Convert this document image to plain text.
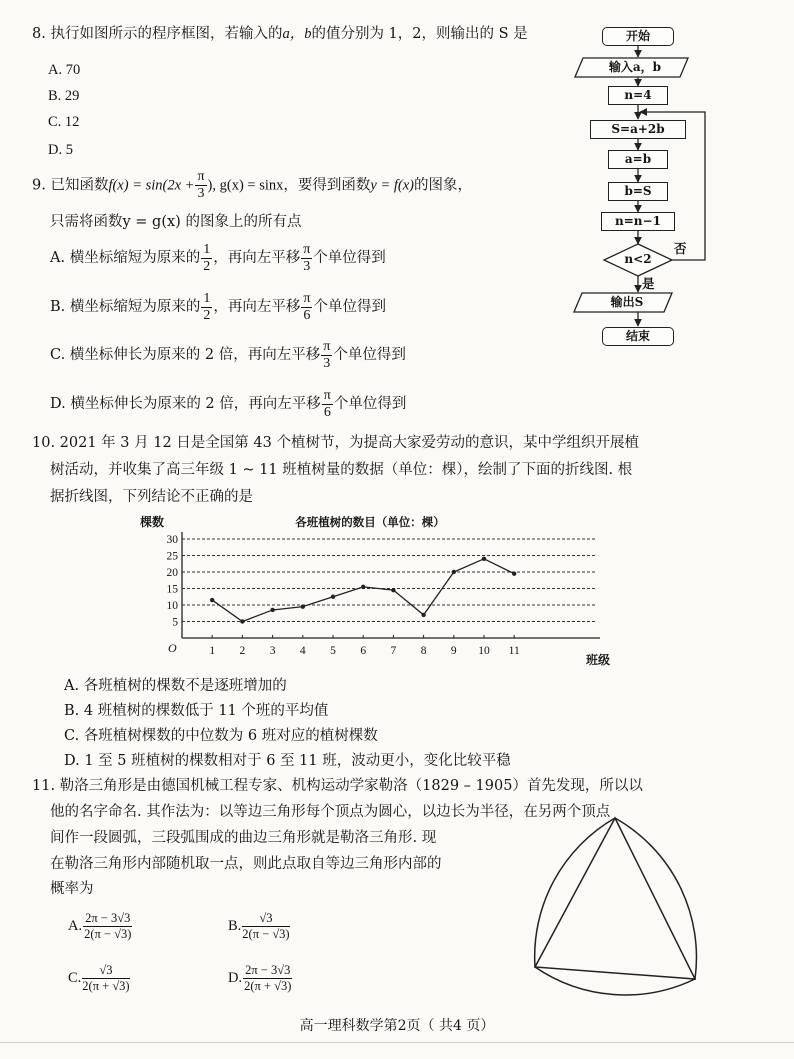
8. 执行如图所示的程序框图，若输入的a，b的值分别为 1，2，则输出的 S 是
A. 70
B. 29
C. 12
D. 5
开始
输入a，b
n=4
S=a+2b
a=b
b=S
n=n−1
n<2
否
是
输出S
结束
9. 已知函数$f(x) = \sin(2x + \frac{\pi}{3}$ ), g(x) = sinx，要得到函数y = f(x)的图象，
只需将函数y = g(x) 的图象上的所有点
A. 横坐标缩短为原来的 $\frac{1}{2}$ ，再向左平移 $\frac{\pi}{3}$ 个单位得到
B. 横坐标缩短为原来的 $\frac{1}{2}$ ，再向左平移 $\frac{\pi}{6}$ 个单位得到
C. 横坐标伸长为原来的 2 倍，再向左平移 $\frac{\pi}{3}$ 个单位得到
D. 横坐标伸长为原来的 2 倍，再向左平移 $\frac{\pi}{6}$ 个单位得到
10. 2021 年 3 月 12 日是全国第 43 个植树节，为提高大家爱劳动的意识，某中学组织开展植
树活动，并收集了高三年级 1 ~ 11 班植树量的数据（单位：棵），绘制了下面的折线图. 根
据折线图，下列结论不正确的是
各班植树的数目（单位：棵）
棵数
班级
O
5
10
15
20
25
30
1 2 3 4 5 6 7 8 9 10 11
A. 各班植树的棵数不是逐班增加的
B. 4 班植树的棵数低于 11 个班的平均值
C. 各班植树棵数的中位数为 6 班对应的植树棵数
D. 1 至 5 班植树的棵数相对于 6 至 11 班，波动更小，变化比较平稳
11. 勒洛三角形是由德国机械工程专家、机构运动学家勒洛（1829 – 1905）首先发现，所以以
他的名字命名. 其作法为：以等边三角形每个顶点为圆心，以边长为半径，在另两个顶点
间作一段圆弧，三段弧围成的曲边三角形就是勒洛三角形. 现
在勒洛三角形内部随机取一点，则此点取自等边三角形内部的
概率为
A. $\frac{2\pi - 3√3}{2(\pi - √3)}$	B. $\frac{√3}{2(\pi - √3)}$
C. $\frac{√3}{2(\pi + √3)}$	D. $\frac{2\pi - 3√3}{2(\pi + √3)}$
高一理科数学第2页（ 共4 页）
